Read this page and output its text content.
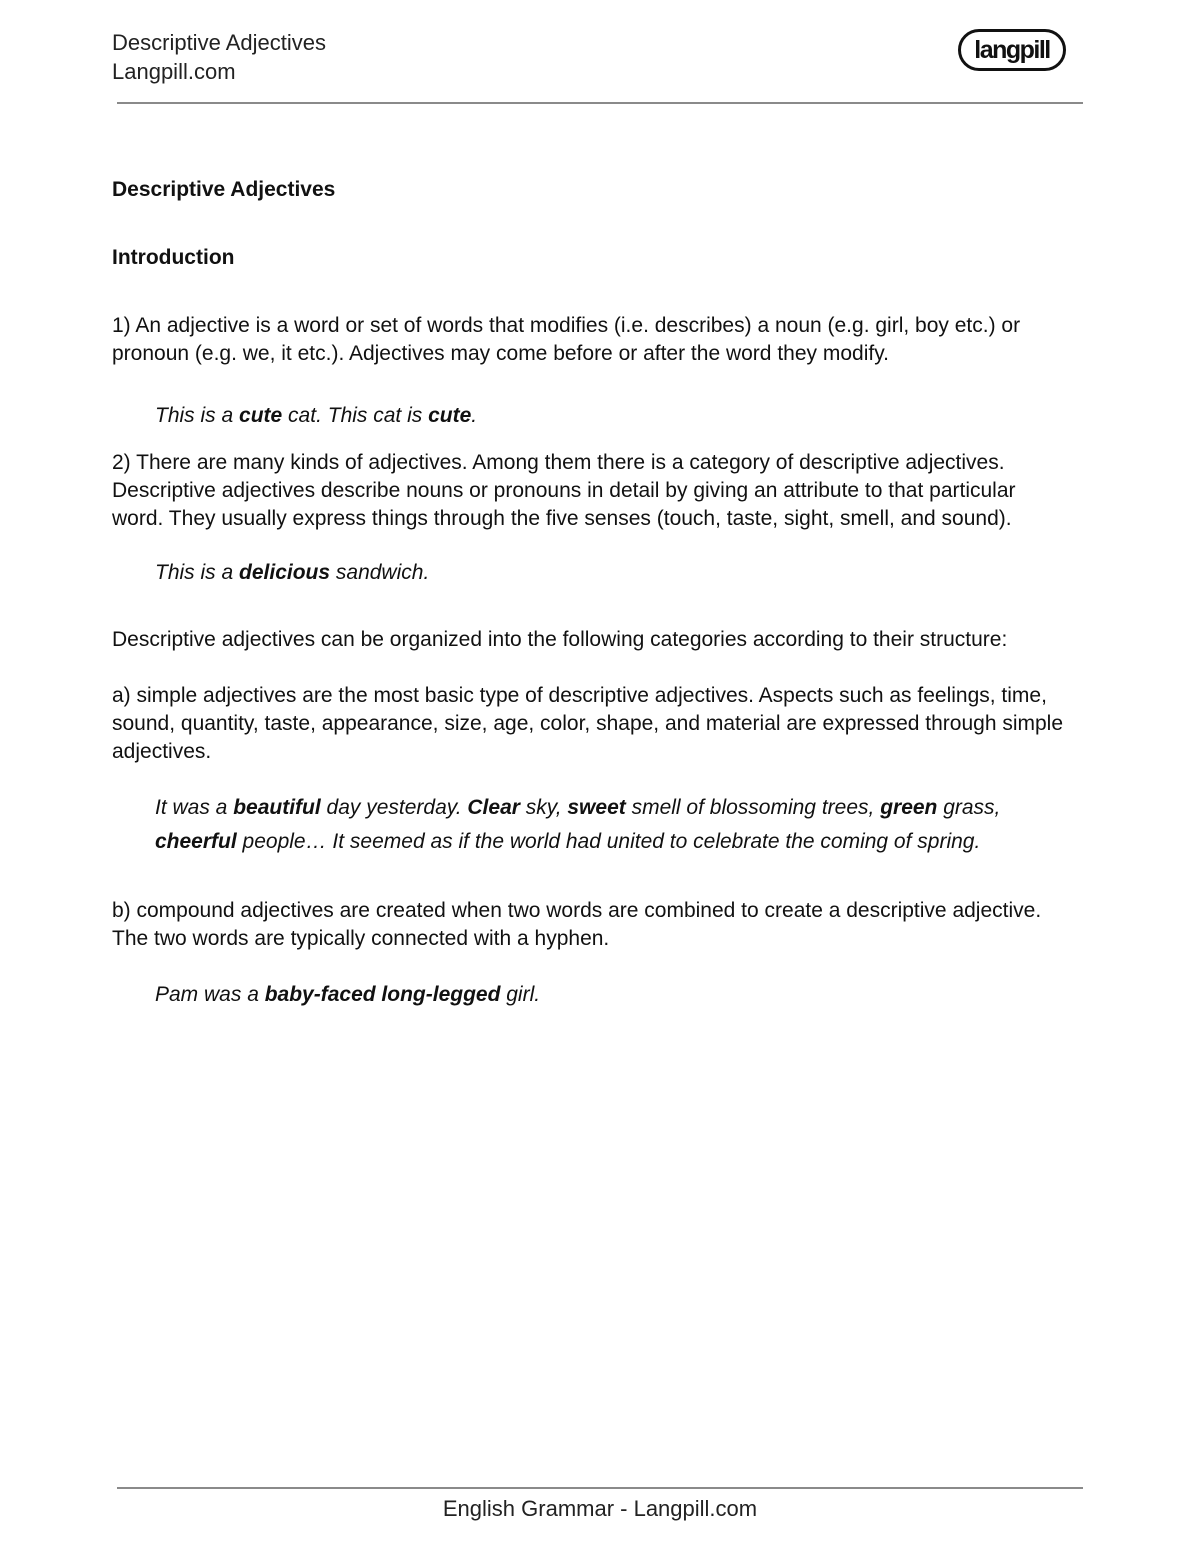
Descriptive Adjectives
Langpill.com
langpill

Descriptive Adjectives

Introduction

1) An adjective is a word or set of words that modifies (i.e. describes) a noun (e.g. girl, boy etc.) or pronoun (e.g. we, it etc.). Adjectives may come before or after the word they modify.

This is a cute cat. This cat is cute.

2) There are many kinds of adjectives. Among them there is a category of descriptive adjectives. Descriptive adjectives describe nouns or pronouns in detail by giving an attribute to that particular word. They usually express things through the five senses (touch, taste, sight, smell, and sound).

This is a delicious sandwich.

Descriptive adjectives can be organized into the following categories according to their structure:

a) simple adjectives are the most basic type of descriptive adjectives. Aspects such as feelings, time, sound, quantity, taste, appearance, size, age, color, shape, and material are expressed through simple adjectives.

It was a beautiful day yesterday. Clear sky, sweet smell of blossoming trees, green grass, cheerful people… It seemed as if the world had united to celebrate the coming of spring.

b) compound adjectives are created when two words are combined to create a descriptive adjective. The two words are typically connected with a hyphen.

Pam was a baby-faced long-legged girl.

English Grammar - Langpill.com
